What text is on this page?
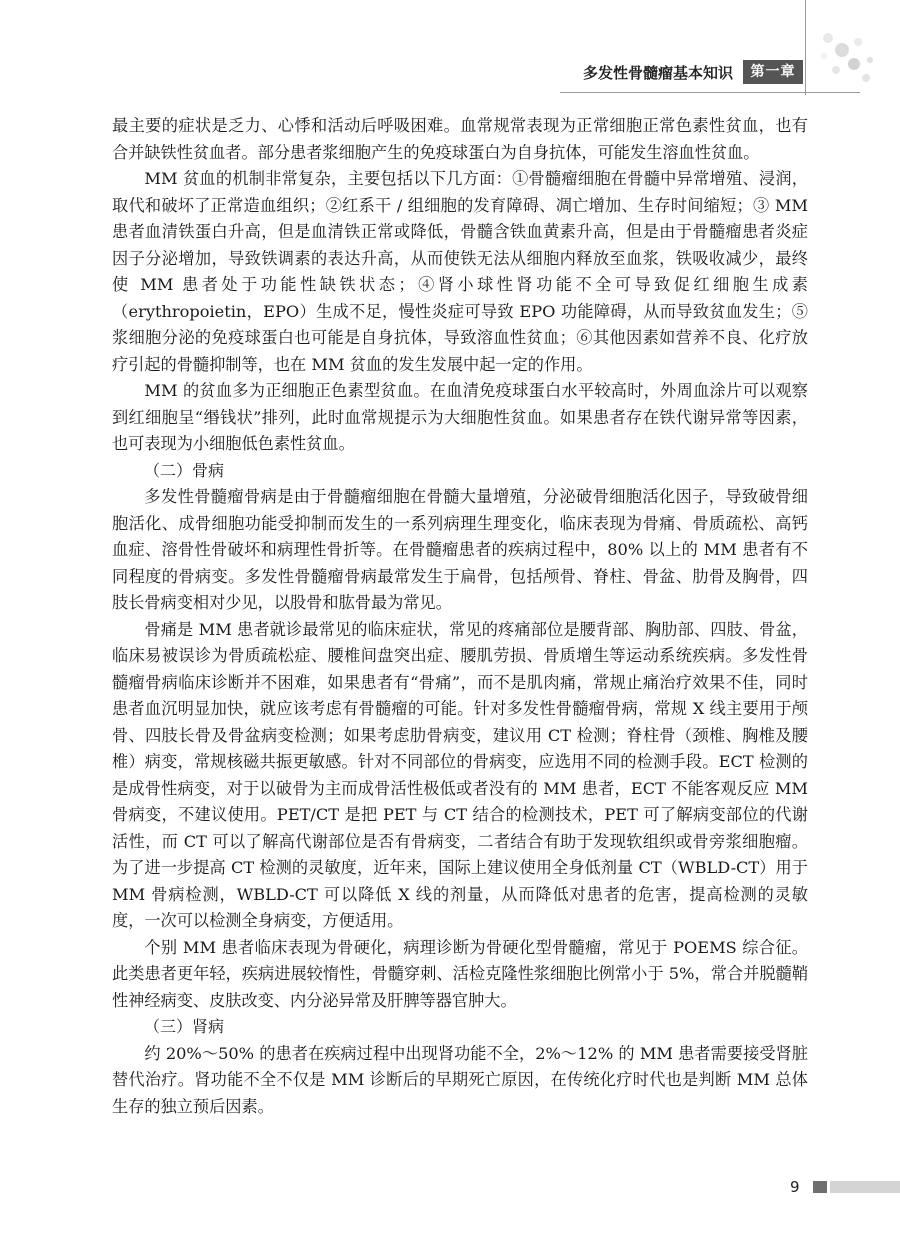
多发性骨髓瘤基本知识	第一章

最主要的症状是乏力、心悸和活动后呼吸困难。血常规常表现为正常细胞正常色素性贫血，也有合并缺铁性贫血者。部分患者浆细胞产生的免疫球蛋白为自身抗体，可能发生溶血性贫血。

MM 贫血的机制非常复杂，主要包括以下几方面：①骨髓瘤细胞在骨髓中异常增殖、浸润，取代和破坏了正常造血组织；②红系干 / 组细胞的发育障碍、凋亡增加、生存时间缩短；③ MM 患者血清铁蛋白升高，但是血清铁正常或降低，骨髓含铁血黄素升高，但是由于骨髓瘤患者炎症因子分泌增加，导致铁调素的表达升高，从而使铁无法从细胞内释放至血浆，铁吸收减少，最终使 MM 患者处于功能性缺铁状态；④肾小球性肾功能不全可导致促红细胞生成素（erythropoietin，EPO）生成不足，慢性炎症可导致 EPO 功能障碍，从而导致贫血发生；⑤浆细胞分泌的免疫球蛋白也可能是自身抗体，导致溶血性贫血；⑥其他因素如营养不良、化疗放疗引起的骨髓抑制等，也在 MM 贫血的发生发展中起一定的作用。

MM 的贫血多为正细胞正色素型贫血。在血清免疫球蛋白水平较高时，外周血涂片可以观察到红细胞呈“缗钱状”排列，此时血常规提示为大细胞性贫血。如果患者存在铁代谢异常等因素，也可表现为小细胞低色素性贫血。

（二）骨病

多发性骨髓瘤骨病是由于骨髓瘤细胞在骨髓大量增殖，分泌破骨细胞活化因子，导致破骨细胞活化、成骨细胞功能受抑制而发生的一系列病理生理变化，临床表现为骨痛、骨质疏松、高钙血症、溶骨性骨破坏和病理性骨折等。在骨髓瘤患者的疾病过程中，80% 以上的 MM 患者有不同程度的骨病变。多发性骨髓瘤骨病最常发生于扁骨，包括颅骨、脊柱、骨盆、肋骨及胸骨，四肢长骨病变相对少见，以股骨和肱骨最为常见。

骨痛是 MM 患者就诊最常见的临床症状，常见的疼痛部位是腰背部、胸肋部、四肢、骨盆，临床易被误诊为骨质疏松症、腰椎间盘突出症、腰肌劳损、骨质增生等运动系统疾病。多发性骨髓瘤骨病临床诊断并不困难，如果患者有“骨痛”，而不是肌肉痛，常规止痛治疗效果不佳，同时患者血沉明显加快，就应该考虑有骨髓瘤的可能。针对多发性骨髓瘤骨病，常规 X 线主要用于颅骨、四肢长骨及骨盆病变检测；如果考虑肋骨病变，建议用 CT 检测；脊柱骨（颈椎、胸椎及腰椎）病变，常规核磁共振更敏感。针对不同部位的骨病变，应选用不同的检测手段。ECT 检测的是成骨性病变，对于以破骨为主而成骨活性极低或者没有的 MM 患者，ECT 不能客观反应 MM 骨病变，不建议使用。PET/CT 是把 PET 与 CT 结合的检测技术，PET 可了解病变部位的代谢活性，而 CT 可以了解高代谢部位是否有骨病变，二者结合有助于发现软组织或骨旁浆细胞瘤。为了进一步提高 CT 检测的灵敏度，近年来，国际上建议使用全身低剂量 CT（WBLD-CT）用于 MM 骨病检测，WBLD-CT 可以降低 X 线的剂量，从而降低对患者的危害，提高检测的灵敏度，一次可以检测全身病变，方便适用。

个别 MM 患者临床表现为骨硬化，病理诊断为骨硬化型骨髓瘤，常见于 POEMS 综合征。此类患者更年轻，疾病进展较惰性，骨髓穿刺、活检克隆性浆细胞比例常小于 5%，常合并脱髓鞘性神经病变、皮肤改变、内分泌异常及肝脾等器官肿大。

（三）肾病

约 20%～50% 的患者在疾病过程中出现肾功能不全，2%～12% 的 MM 患者需要接受肾脏替代治疗。肾功能不全不仅是 MM 诊断后的早期死亡原因，在传统化疗时代也是判断 MM 总体生存的独立预后因素。

9
